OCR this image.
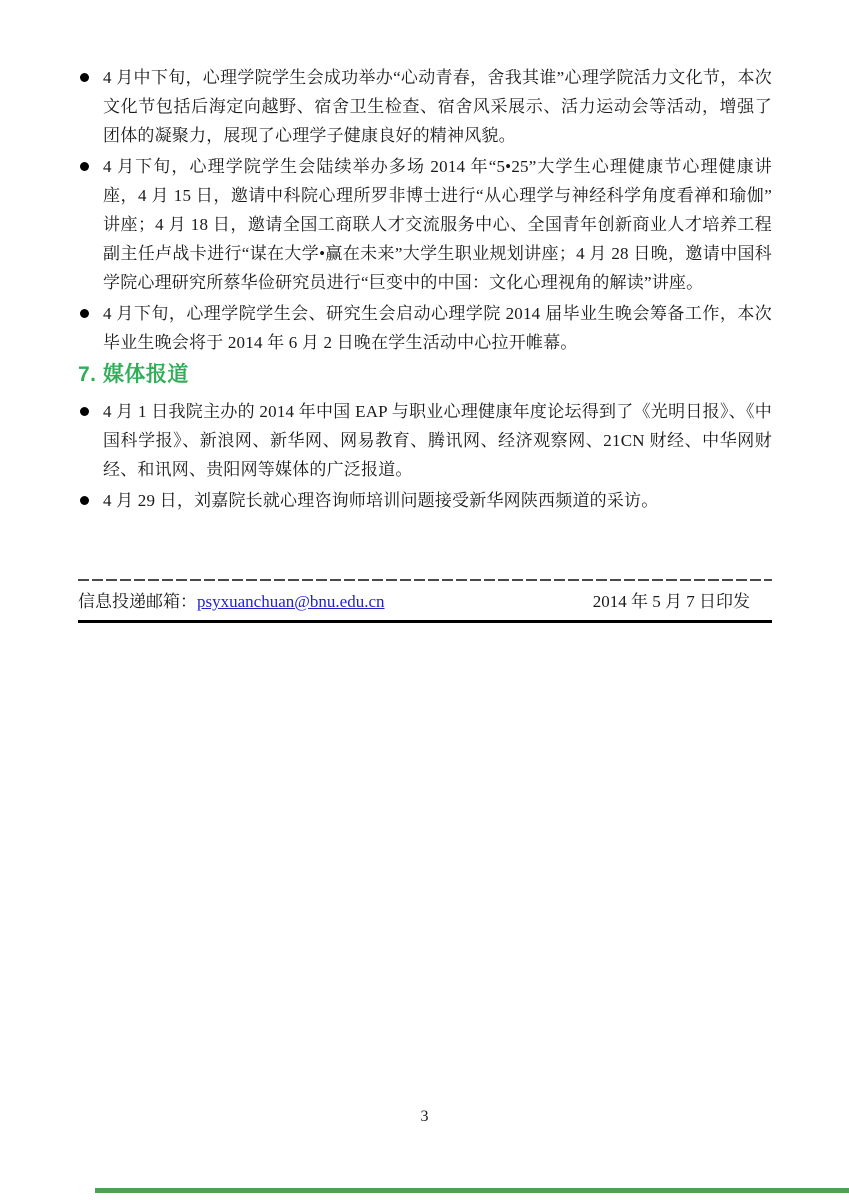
4 月中下旬，心理学院学生会成功举办“心动青春，舍我其谁”心理学院活力文化节，本次文化节包括后海定向越野、宿舍卫生检查、宿舍风采展示、活力运动会等活动，增强了团体的凝聚力，展现了心理学子健康良好的精神风貌。
4 月下旬，心理学院学生会陆续举办多场 2014 年“5•25”大学生心理健康节心理健康讲座，4 月 15 日，邀请中科院心理所罗非博士进行“从心理学与神经科学角度看禅和瑜伽”讲座；4 月 18 日，邀请全国工商联人才交流服务中心、全国青年创新商业人才培养工程副主任卢战卡进行“谋在大学•赢在未来”大学生职业规划讲座；4 月 28 日晚，邀请中国科学院心理研究所蔡华俭研究员进行“巨变中的中国：文化心理视角的解读”讲座。
4 月下旬，心理学院学生会、研究生会启动心理学院 2014 届毕业生晚会筹备工作，本次毕业生晚会将于 2014 年 6 月 2 日晚在学生活动中心拉开帷幕。
7. 媒体报道
4 月 1 日我院主办的 2014 年中国 EAP 与职业心理健康年度论坛得到了《光明日报》、《中国科学报》、新浪网、新华网、网易教育、腾讯网、经济观察网、21CN 财经、中华网财经、和讯网、贵阳网等媒体的广泛报道。
4 月 29 日，刘嘉院长就心理咨询师培训问题接受新华网陕西频道的采访。
信息投递邮箱：psyxuanchuan@bnu.edu.cn	2014 年 5 月 7 日印发
3
